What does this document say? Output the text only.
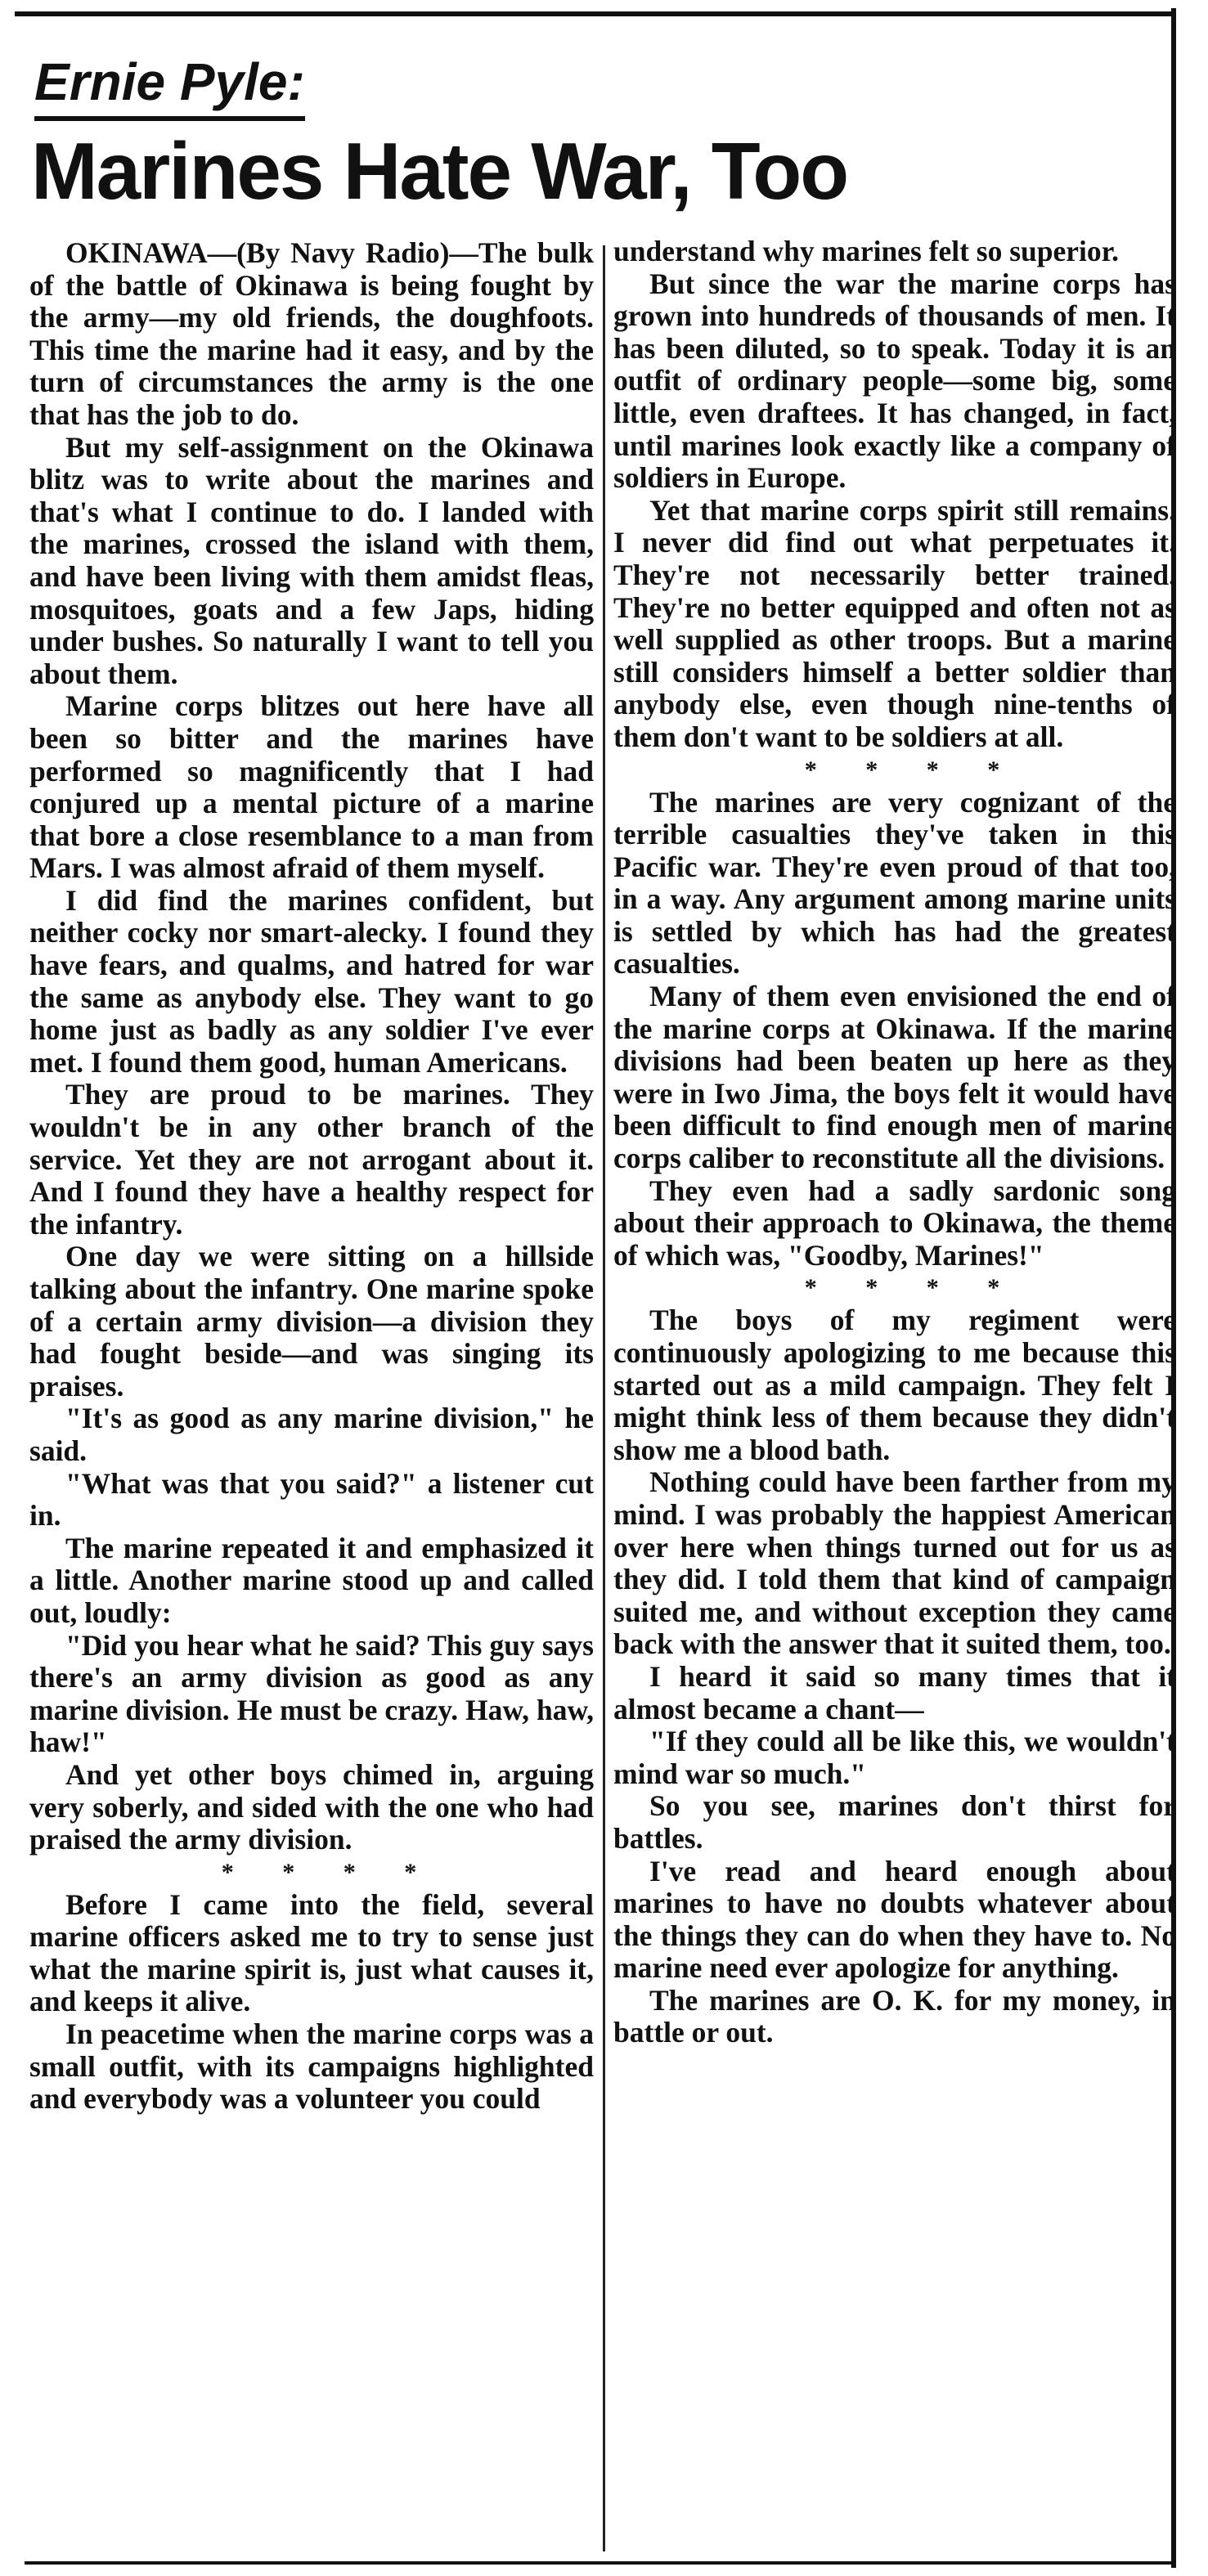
Ernie Pyle:
Marines Hate War, Too

OKINAWA—(By Navy Radio)—The bulk of the battle of Okinawa is being fought by the army—my old friends, the doughfoots. This time the marine had it easy, and by the turn of circumstances the army is the one that has the job to do.

But my self-assignment on the Okinawa blitz was to write about the marines and that's what I continue to do. I landed with the marines, crossed the island with them, and have been living with them amidst fleas, mosquitoes, goats and a few Japs, hiding under bushes. So naturally I want to tell you about them.

Marine corps blitzes out here have all been so bitter and the marines have performed so magnificently that I had conjured up a mental picture of a marine that bore a close resemblance to a man from Mars. I was almost afraid of them myself.

I did find the marines confident, but neither cocky nor smart-alecky. I found they have fears, and qualms, and hatred for war the same as anybody else. They want to go home just as badly as any soldier I've ever met. I found them good, human Americans.

They are proud to be marines. They wouldn't be in any other branch of the service. Yet they are not arrogant about it. And I found they have a healthy respect for the infantry.

One day we were sitting on a hillside talking about the infantry. One marine spoke of a certain army division—a division they had fought beside—and was singing its praises.

"It's as good as any marine division," he said.

"What was that you said?" a listener cut in.

The marine repeated it and emphasized it a little. Another marine stood up and called out, loudly:

"Did you hear what he said? This guy says there's an army division as good as any marine division. He must be crazy. Haw, haw, haw!"

And yet other boys chimed in, arguing very soberly, and sided with the one who had praised the army division.

* * * *

Before I came into the field, several marine officers asked me to try to sense just what the marine spirit is, just what causes it, and keeps it alive.

In peacetime when the marine corps was a small outfit, with its campaigns highlighted and everybody was a volunteer you could

understand why marines felt so superior.

But since the war the marine corps has grown into hundreds of thousands of men. It has been diluted, so to speak. Today it is an outfit of ordinary people—some big, some little, even draftees. It has changed, in fact, until marines look exactly like a company of soldiers in Europe.

Yet that marine corps spirit still remains. I never did find out what perpetuates it. They're not necessarily better trained. They're no better equipped and often not as well supplied as other troops. But a marine still considers himself a better soldier than anybody else, even though nine-tenths of them don't want to be soldiers at all.

* * * *

The marines are very cognizant of the terrible casualties they've taken in this Pacific war. They're even proud of that too, in a way. Any argument among marine units is settled by which has had the greatest casualties.

Many of them even envisioned the end of the marine corps at Okinawa. If the marine divisions had been beaten up here as they were in Iwo Jima, the boys felt it would have been difficult to find enough men of marine corps caliber to reconstitute all the divisions.

They even had a sadly sardonic song about their approach to Okinawa, the theme of which was, "Goodby, Marines!"

* * * *

The boys of my regiment were continuously apologizing to me because this started out as a mild campaign. They felt I might think less of them because they didn't show me a blood bath.

Nothing could have been farther from my mind. I was probably the happiest American over here when things turned out for us as they did. I told them that kind of campaign suited me, and without exception they came back with the answer that it suited them, too.

I heard it said so many times that it almost became a chant—

"If they could all be like this, we wouldn't mind war so much."

So you see, marines don't thirst for battles.

I've read and heard enough about marines to have no doubts whatever about the things they can do when they have to. No marine need ever apologize for anything.

The marines are O. K. for my money, in battle or out.
